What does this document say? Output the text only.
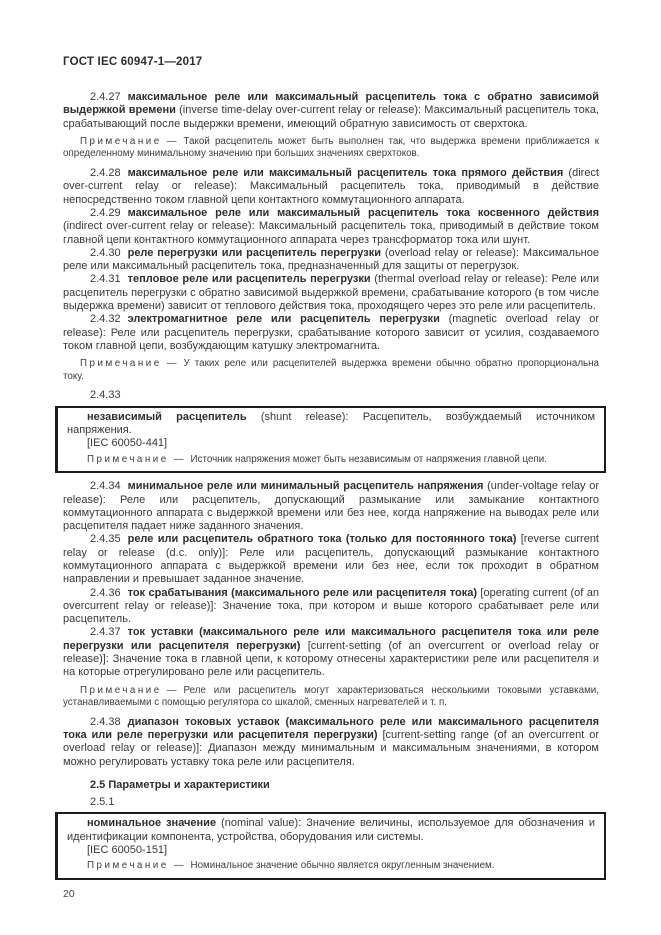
ГОСТ IEC 60947-1—2017

2.4.27 максимальное реле или максимальный расцепитель тока с обратно зависимой выдержкой времени (inverse time-delay over-current relay or release): Максимальный расцепитель тока, срабатывающий после выдержки времени, имеющий обратную зависимость от сверхтока.

Примечание — Такой расцепитель может быть выполнен так, что выдержка времени приближается к определенному минимальному значению при больших значениях сверхтоков.

2.4.28 максимальное реле или максимальный расцепитель тока прямого действия (direct over-current relay or release): Максимальный расцепитель тока, приводимый в действие непосредственно током главной цепи контактного коммутационного аппарата.

2.4.29 максимальное реле или максимальный расцепитель тока косвенного действия (indirect over-current relay or release): Максимальный расцепитель тока, приводимый в действие током главной цепи контактного коммутационного аппарата через трансформатор тока или шунт.

2.4.30 реле перегрузки или расцепитель перегрузки (overload relay or release): Максимальное реле или максимальный расцепитель тока, предназначенный для защиты от перегрузок.

2.4.31 тепловое реле или расцепитель перегрузки (thermal overload relay or release): Реле или расцепитель перегрузки с обратно зависимой выдержкой времени, срабатывание которого (в том числе выдержка времени) зависит от теплового действия тока, проходящего через это реле или расцепитель.

2.4.32 электромагнитное реле или расцепитель перегрузки (magnetic overload relay or release): Реле или расцепитель перегрузки, срабатывание которого зависит от усилия, создаваемого током главной цепи, возбуждающим катушку электромагнита.

Примечание — У таких реле или расцепителей выдержка времени обычно обратно пропорциональна току.

2.4.33

независимый расцепитель (shunt release): Расцепитель, возбуждаемый источником напряжения.

[IEC 60050-441]

Примечание — Источник напряжения может быть независимым от напряжения главной цепи.

2.4.34 минимальное реле или минимальный расцепитель напряжения (under-voltage relay or release): Реле или расцепитель, допускающий размыкание или замыкание контактного коммутационного аппарата с выдержкой времени или без нее, когда напряжение на выводах реле или расцепителя падает ниже заданного значения.

2.4.35 реле или расцепитель обратного тока (только для постоянного тока) [reverse current relay or release (d.c. only)]: Реле или расцепитель, допускающий размыкание контактного коммутационного аппарата с выдержкой времени или без нее, если ток проходит в обратном направлении и превышает заданное значение.

2.4.36 ток срабатывания (максимального реле или расцепителя тока) [operating current (of an overcurrent relay or release)]: Значение тока, при котором и выше которого срабатывает реле или расцепитель.

2.4.37 ток уставки (максимального реле или максимального расцепителя тока или реле перегрузки или расцепителя перегрузки) [current-setting (of an overcurrent or overload relay or release)]: Значение тока в главной цепи, к которому отнесены характеристики реле или расцепителя и на которые отрегулировано реле или расцепитель.

Примечание — Реле или расцепитель могут характеризоваться несколькими токовыми уставками, устанавливаемыми с помощью регулятора со шкалой, сменных нагревателей и т. п.

2.4.38 диапазон токовых уставок (максимального реле или максимального расцепителя тока или реле перегрузки или расцепителя перегрузки) [current-setting range (of an overcurrent or overload relay or release)]: Диапазон между минимальным и максимальным значениями, в котором можно регулировать уставку тока реле или расцепителя.

2.5 Параметры и характеристики

2.5.1

номинальное значение (nominal value): Значение величины, используемое для обозначения и идентификации компонента, устройства, оборудования или системы.

[IEC 60050-151]

Примечание — Номинальное значение обычно является округленным значением.

20
